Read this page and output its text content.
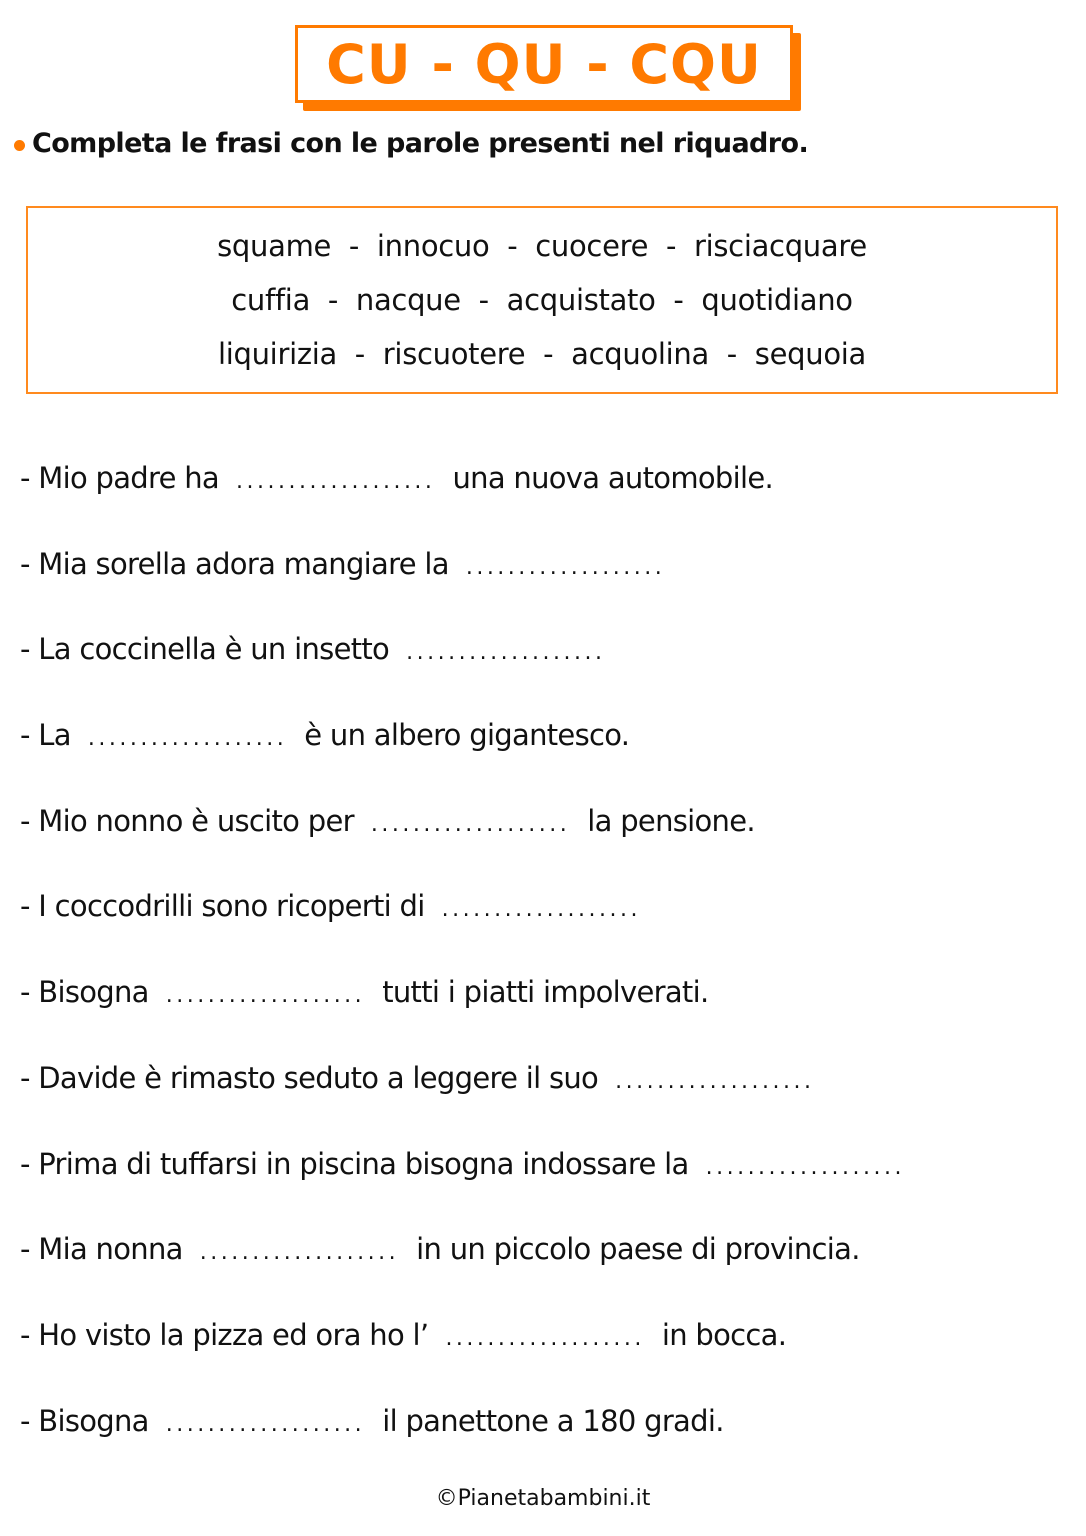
CU - QU - CQU
Completa le frasi con le parole presenti nel riquadro.
squame  -  innocuo  -  cuocere  -  risciacquare
cuffia  -  nacque  -  acquistato  -  quotidiano
liquirizia  -  riscuotere  -  acquolina  -  sequoia
- Mio padre ha  ...................  una nuova automobile.
- Mia sorella adora mangiare la  ...................
- La coccinella è un insetto  ...................
- La  ...................  è un albero gigantesco.
- Mio nonno è uscito per  ...................  la pensione.
- I coccodrilli sono ricoperti di  ...................
- Bisogna  ...................  tutti i piatti impolverati.
- Davide è rimasto seduto a leggere il suo  ...................
- Prima di tuffarsi in piscina bisogna indossare la  ...................
- Mia nonna  ...................  in un piccolo paese di provincia.
- Ho visto la pizza ed ora ho l’  ...................  in bocca.
- Bisogna  ...................  il panettone a 180 gradi.
©Pianetabambini.it
